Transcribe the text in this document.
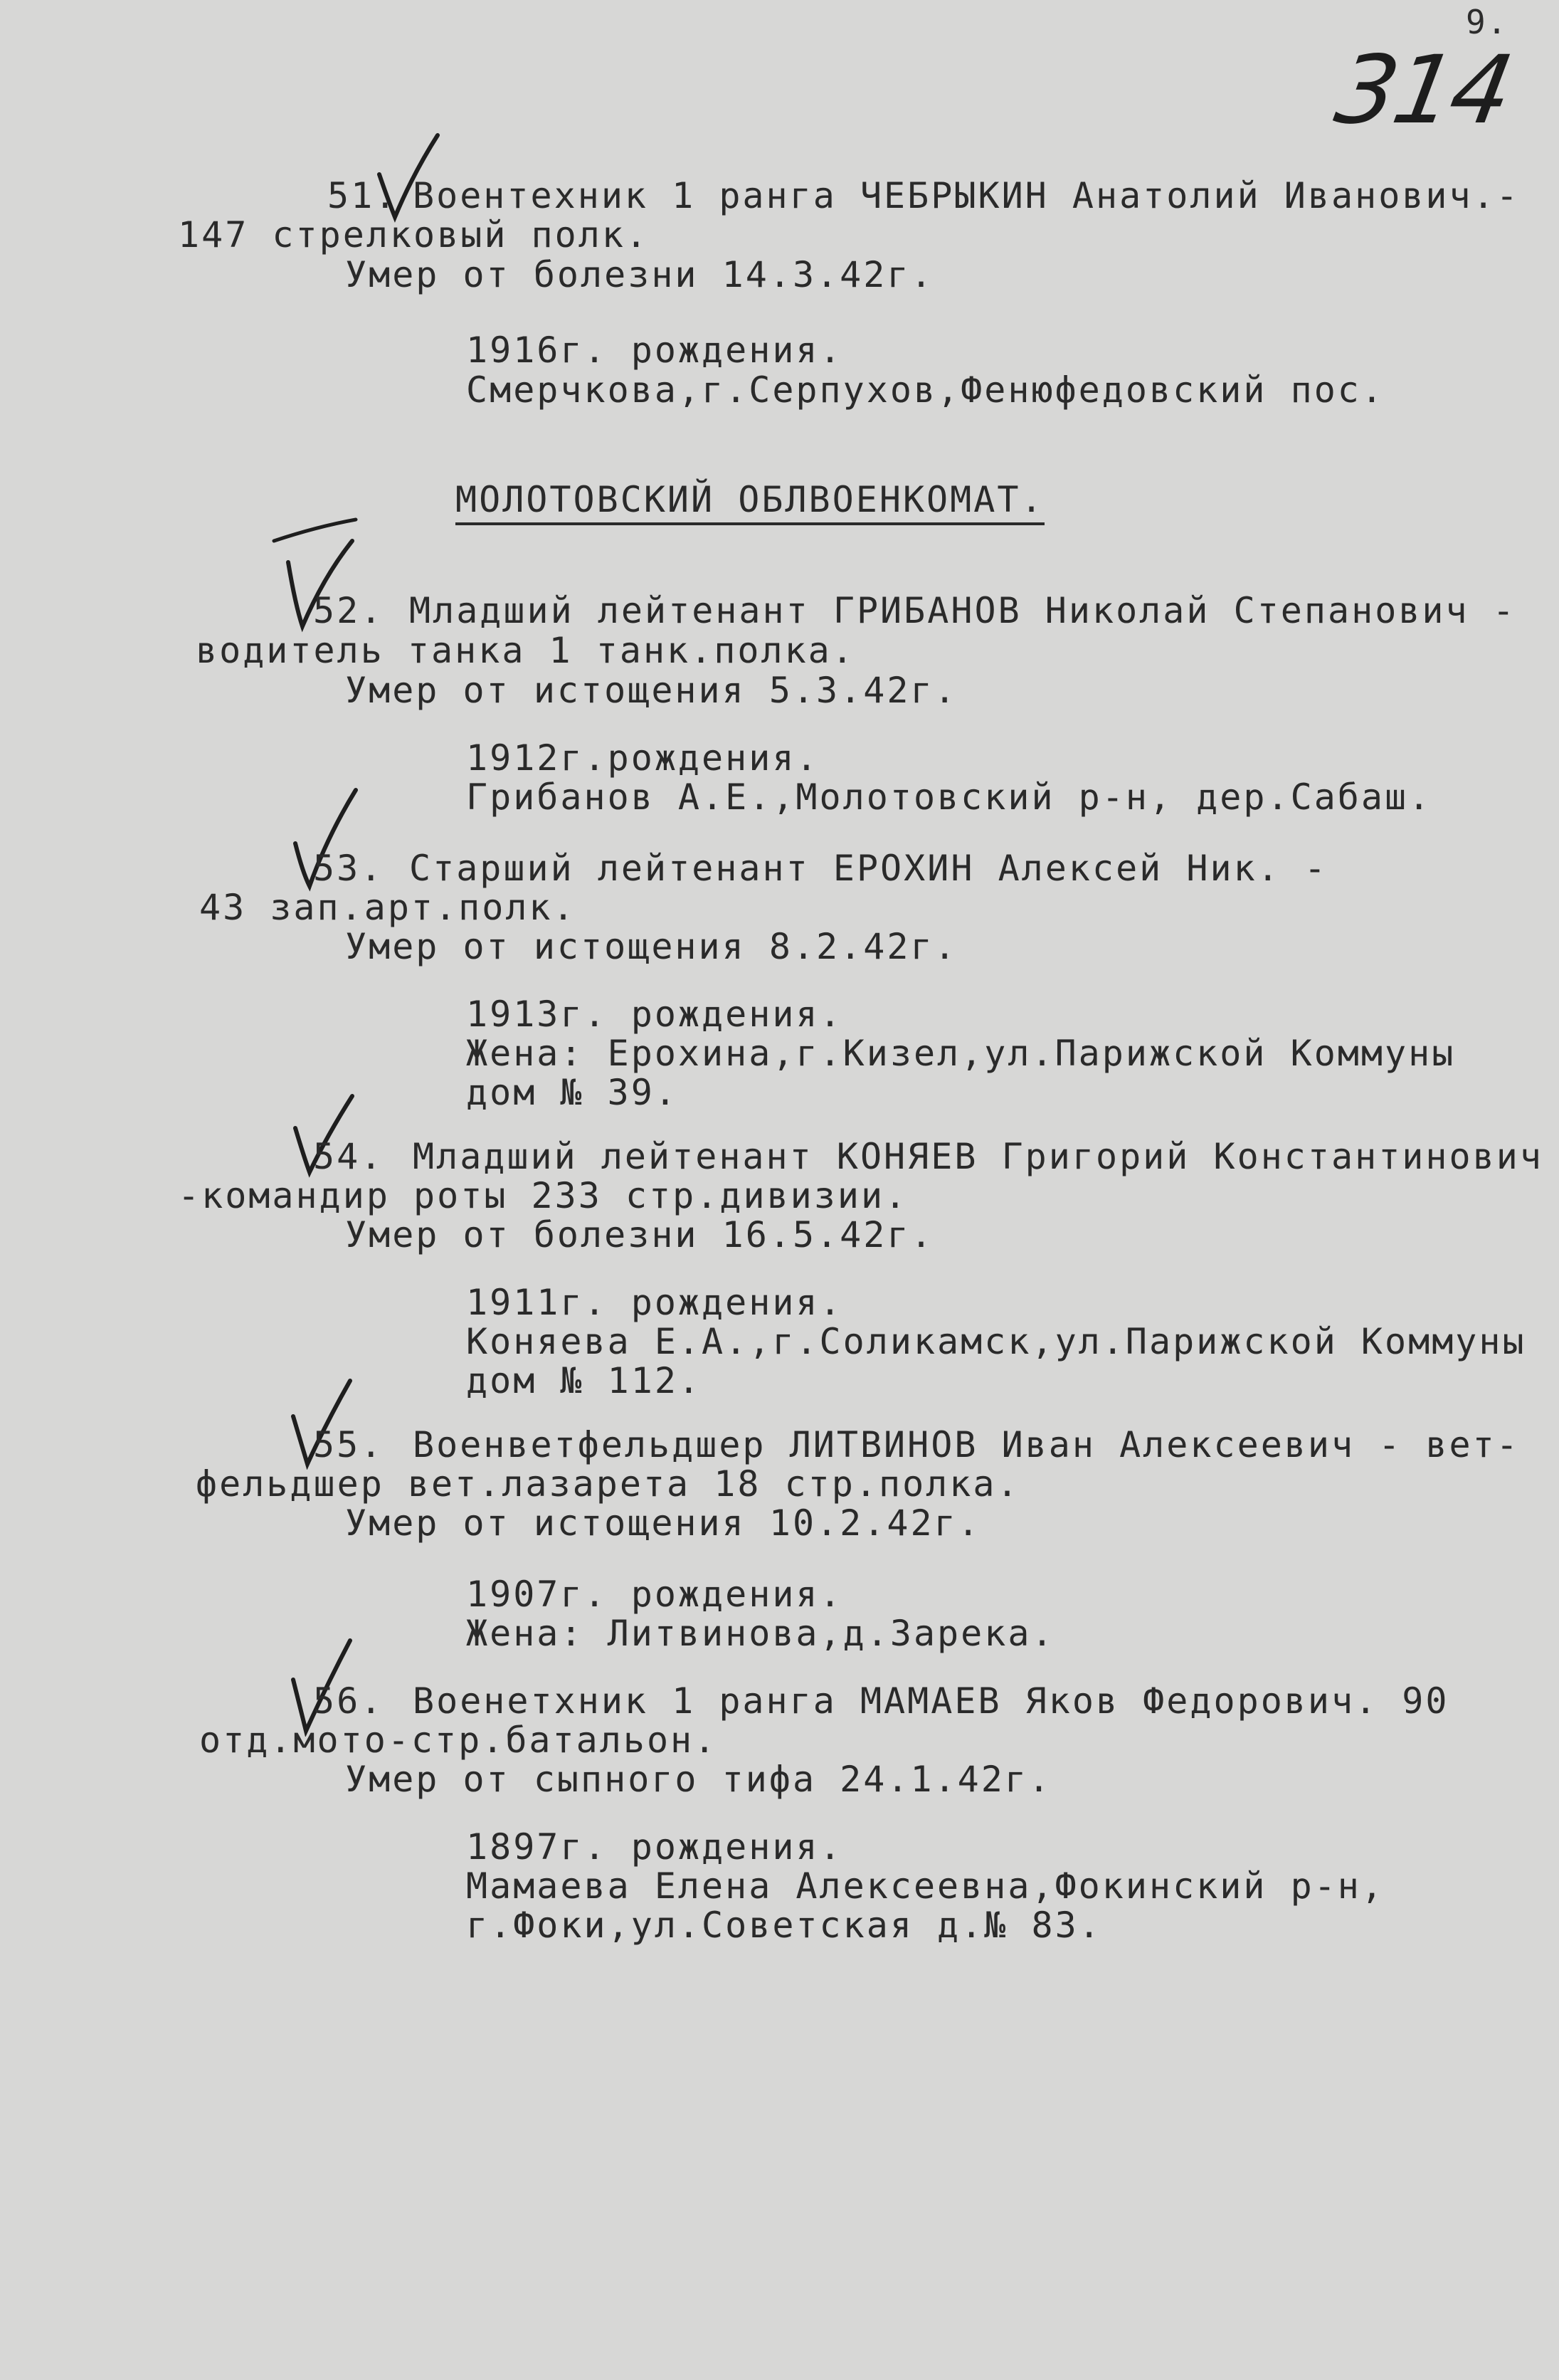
9.
314
51. Воентехник 1 ранга ЧЕБРЫКИН Анатолий Иванович.-
147 стрелковый полк.
Умер от болезни 14.3.42г.
1916г. рождения.
Смерчкова,г.Серпухов,Фенюфедовский пос.
МОЛОТОВСКИЙ ОБЛВОЕНКОМАТ.
52. Младший лейтенант ГРИБАНОВ Николай Степанович -
водитель танка 1 танк.полка.
Умер от истощения 5.3.42г.
1912г.рождения.
Грибанов А.Е.,Молотовский р-н, дер.Сабаш.
53. Старший лейтенант ЕРОХИН Алексей Ник. -
43 зап.арт.полк.
Умер от истощения 8.2.42г.
1913г. рождения.
Жена: Ерохина,г.Кизел,ул.Парижской Коммуны
дом № 39.
54. Младший лейтенант КОНЯЕВ Григорий Константинович
-командир роты 233 стр.дивизии.
Умер от болезни 16.5.42г.
1911г. рождения.
Коняева Е.А.,г.Соликамск,ул.Парижской Коммуны
дом № 112.
55. Военветфельдшер ЛИТВИНОВ Иван Алексеевич - вет-
фельдшер вет.лазарета 18 стр.полка.
Умер от истощения 10.2.42г.
1907г. рождения.
Жена: Литвинова,д.Зарека.
56. Военетхник 1 ранга МАМАЕВ Яков Федорович. 90
отд.мото-стр.батальон.
Умер от сыпного тифа 24.1.42г.
1897г. рождения.
Мамаева Елена Алексеевна,Фокинский р-н,
г.Фоки,ул.Советская д.№ 83.
